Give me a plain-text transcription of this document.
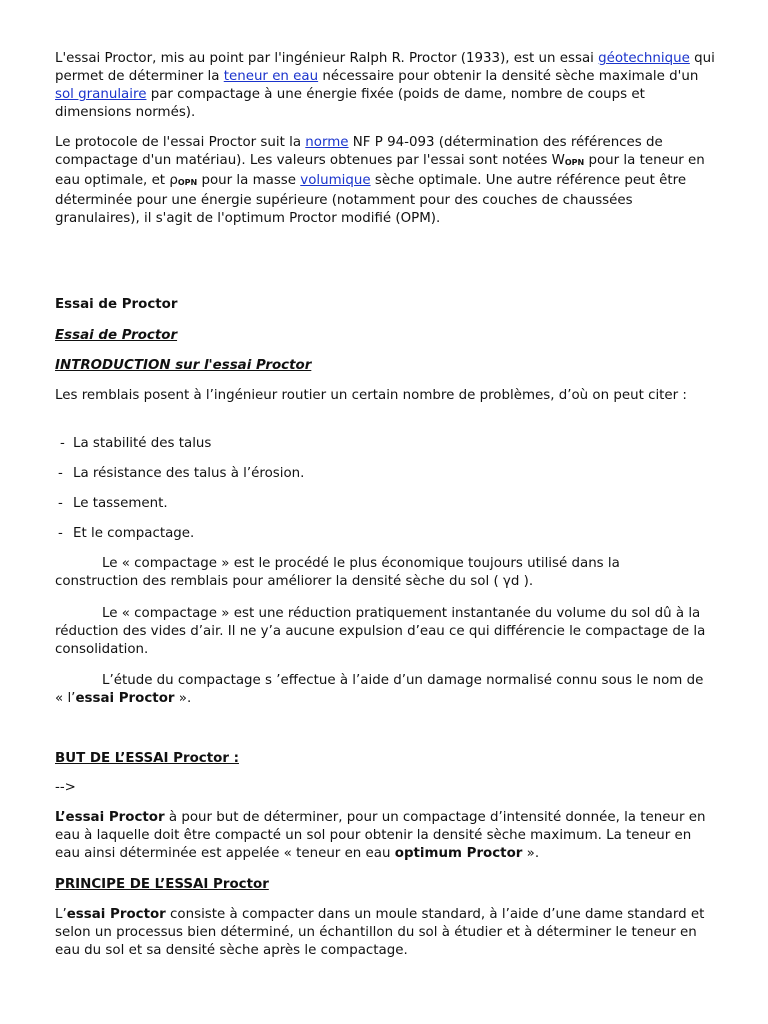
L'essai Proctor, mis au point par l'ingénieur Ralph R. Proctor (1933), est un essai géotechnique qui permet de déterminer la teneur en eau nécessaire pour obtenir la densité sèche maximale d'un sol granulaire par compactage à une énergie fixée (poids de dame, nombre de coups et dimensions normés).

Le protocole de l'essai Proctor suit la norme NF P 94-093 (détermination des références de compactage d'un matériau). Les valeurs obtenues par l'essai sont notées WOPN pour la teneur en eau optimale, et ρOPN pour la masse volumique sèche optimale. Une autre référence peut être déterminée pour une énergie supérieure (notamment pour des couches de chaussées granulaires), il s'agit de l'optimum Proctor modifié (OPM).

Essai de Proctor

Essai de Proctor

INTRODUCTION sur l'essai Proctor

Les remblais posent à l’ingénieur routier un certain nombre de problèmes, d’où on peut citer :

- La stabilité des talus

- La résistance des talus à l’érosion.

- Le tassement.

- Et le compactage.

Le « compactage » est le procédé le plus économique toujours utilisé dans la construction des remblais pour améliorer la densité sèche du sol ( γd ).

Le « compactage » est une réduction pratiquement instantanée du volume du sol dû à la réduction des vides d’air. Il ne y’a aucune expulsion d’eau ce qui différencie le compactage de la consolidation.

L’étude du compactage s ’effectue à l’aide d’un damage normalisé connu sous le nom de « l’essai Proctor ».

BUT DE L’ESSAI Proctor :

-->

L’essai Proctor à pour but de déterminer, pour un compactage d’intensité donnée, la teneur en eau à laquelle doit être compacté un sol pour obtenir la densité sèche maximum. La teneur en eau ainsi déterminée est appelée « teneur en eau optimum Proctor ».

PRINCIPE DE L’ESSAI Proctor

L’essai Proctor consiste à compacter dans un moule standard, à l’aide d’une dame standard et selon un processus bien déterminé, un échantillon du sol à étudier et à déterminer le teneur en eau du sol et sa densité sèche après le compactage.
